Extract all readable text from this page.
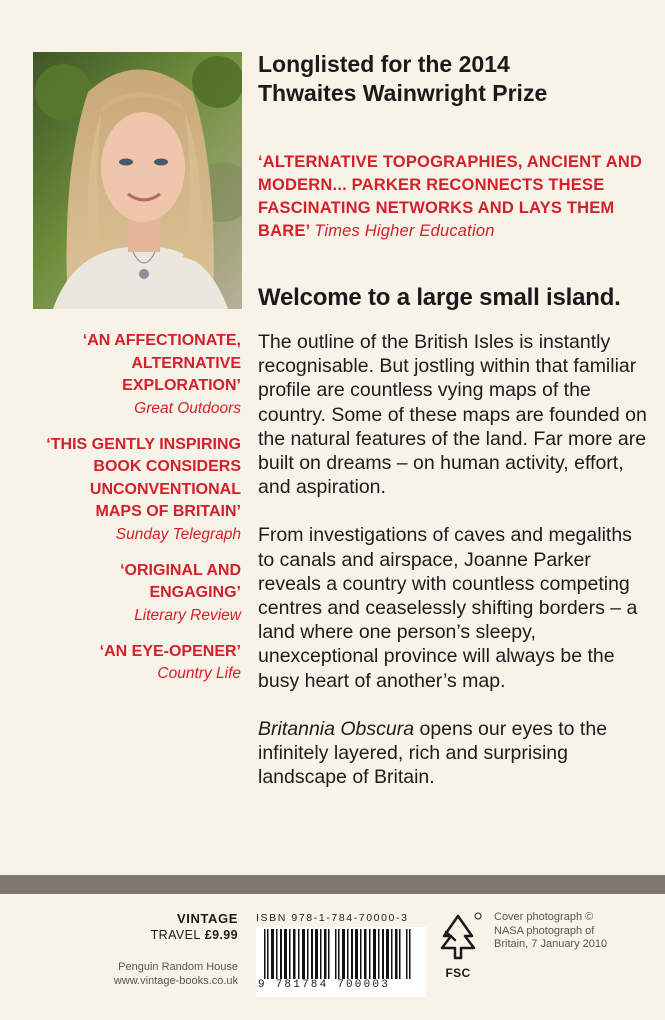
Longlisted for the 2014
Thwaites Wainwright Prize
‘ALTERNATIVE TOPOGRAPHIES, ANCIENT AND MODERN... PARKER RECONNECTS THESE FASCINATING NETWORKS AND LAYS THEM BARE’ Times Higher Education
Welcome to a large small island.

The outline of the British Isles is instantly recognisable. But jostling within that familiar profile are countless vying maps of the country. Some of these maps are founded on the natural features of the land. Far more are built on dreams – on human activity, effort, and aspiration.

From investigations of caves and megaliths to canals and airspace, Joanne Parker reveals a country with countless competing centres and ceaselessly shifting borders – a land where one person’s sleepy, unexceptional province will always be the busy heart of another’s map.

Britannia Obscura opens our eyes to the infinitely layered, rich and surprising landscape of Britain.

‘AN AFFECTIONATE,
ALTERNATIVE
EXPLORATION’
Great Outdoors
‘THIS GENTLY INSPIRING
BOOK CONSIDERS
UNCONVENTIONAL
MAPS OF BRITAIN’
Sunday Telegraph
‘ORIGINAL AND
ENGAGING’
Literary Review
‘AN EYE-OPENER’
Country Life
VINTAGE
TRAVEL £9.99
Penguin Random House
www.vintage-books.co.uk
ISBN 978-1-784-70000-3
9 781784 700003
FSC
Cover photograph ©
NASA photograph of
Britain, 7 January 2010
